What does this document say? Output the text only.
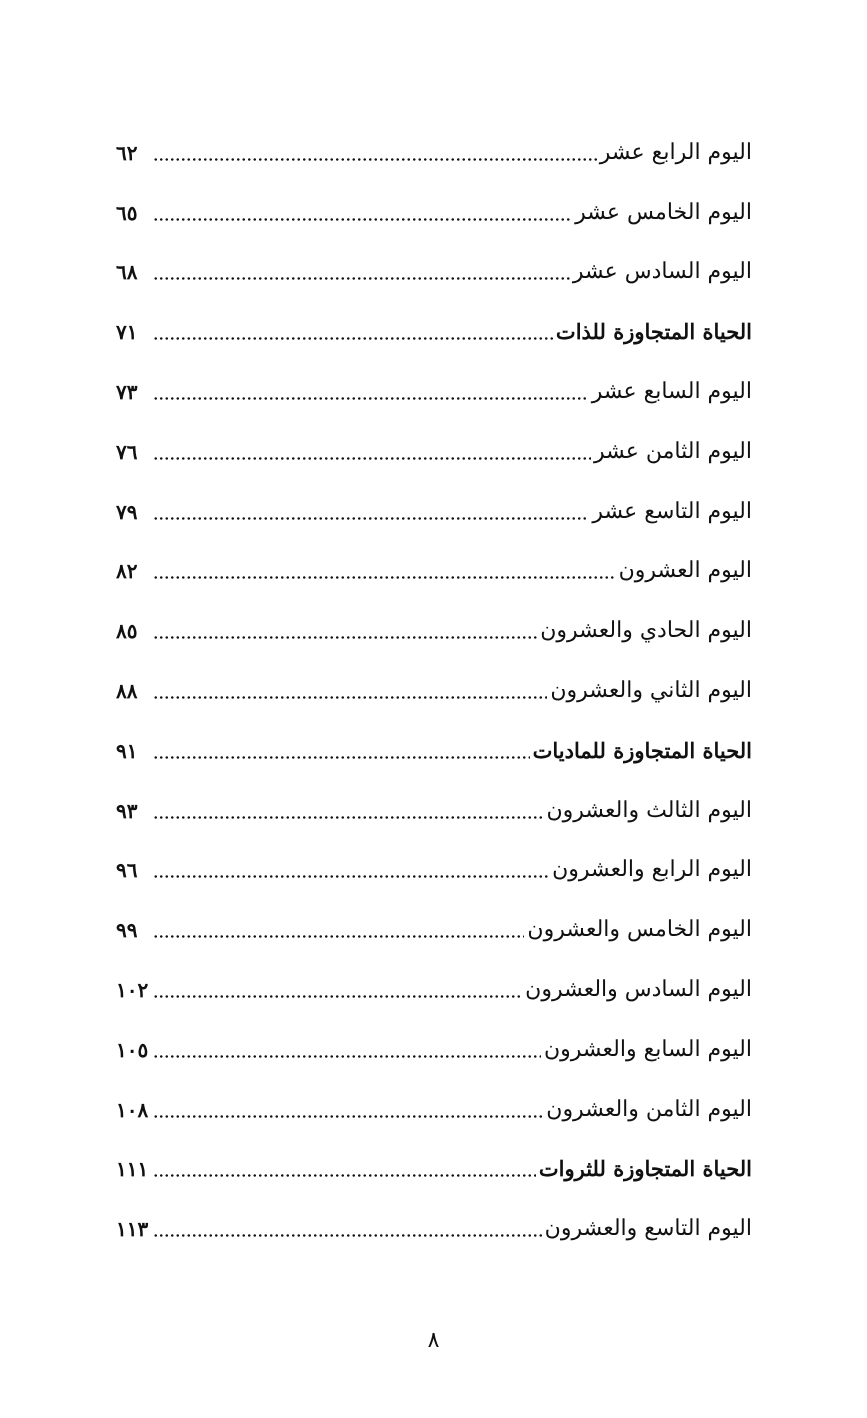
اليوم الرابع عشر
٦٢
اليوم الخامس عشر
٦٥
اليوم السادس عشر
٦٨
الحياة المتجاوزة للذات
٧١
اليوم السابع عشر
٧٣
اليوم الثامن عشر
٧٦
اليوم التاسع عشر
٧٩
اليوم العشرون
٨٢
اليوم الحادي والعشرون
٨٥
اليوم الثاني والعشرون
٨٨
الحياة المتجاوزة للماديات
٩١
اليوم الثالث والعشرون
٩٣
اليوم الرابع والعشرون
٩٦
اليوم الخامس والعشرون
٩٩
اليوم السادس والعشرون
١٠٢
اليوم السابع والعشرون
١٠٥
اليوم الثامن والعشرون
١٠٨
الحياة المتجاوزة للثروات
١١١
اليوم التاسع والعشرون
١١٣
٨
